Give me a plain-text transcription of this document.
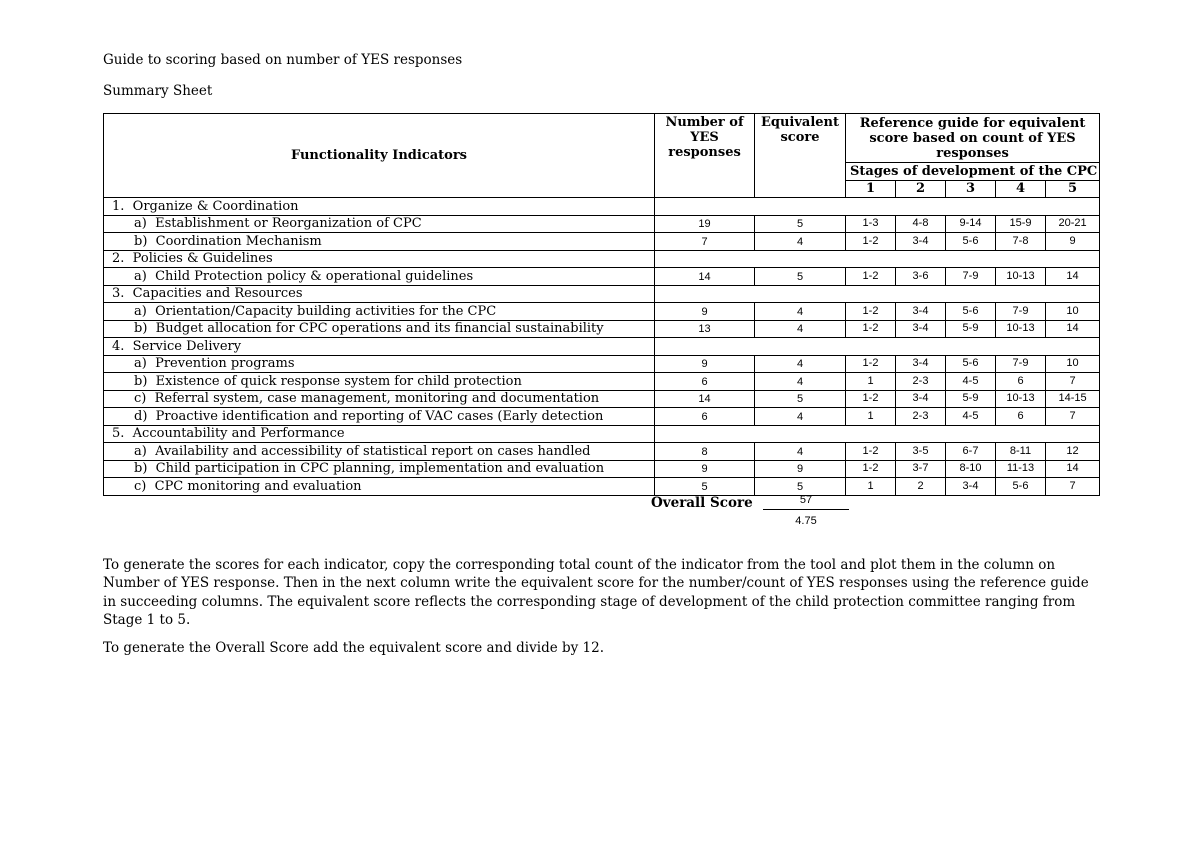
Guide to scoring based on number of YES responses
Summary Sheet
Functionality Indicators	Number of YES responses	Equivalent score	Reference guide for equivalent score based on count of YES responses				
			Stages of development of the CPC				
			1	2	3	4	5
1.  Organize & Coordination							
a)  Establishment or Reorganization of CPC	19	5	1-3	4-8	9-14	15-9	20-21
b)  Coordination Mechanism	7	4	1-2	3-4	5-6	7-8	9
2.  Policies & Guidelines							
a)  Child Protection policy & operational guidelines	14	5	1-2	3-6	7-9	10-13	14
3.  Capacities and Resources							
a)  Orientation/Capacity building activities for the CPC	9	4	1-2	3-4	5-6	7-9	10
b)  Budget allocation for CPC operations and its financial sustainability	13	4	1-2	3-4	5-9	10-13	14
4.  Service Delivery							
a)  Prevention programs	9	4	1-2	3-4	5-6	7-9	10
b)  Existence of quick response system for child protection	6	4	1	2-3	4-5	6	7
c)  Referral system, case management, monitoring and documentation	14	5	1-2	3-4	5-9	10-13	14-15
d)  Proactive identification and reporting of VAC cases (Early detection	6	4	1	2-3	4-5	6	7
5.  Accountability and Performance							
a)  Availability and accessibility of statistical report on cases handled	8	4	1-2	3-5	6-7	8-11	12
b)  Child participation in CPC planning, implementation and evaluation	9	9	1-2	3-7	8-10	11-13	14
c)  CPC monitoring and evaluation	5	5	1	2	3-4	5-6	7
Overall Score	57
4.75

To generate the scores for each indicator, copy the corresponding total count of the indicator from the tool and plot them in the column on Number of YES response. Then in the next column write the equivalent score for the number/count of YES responses using the reference guide in succeeding columns. The equivalent score reflects the corresponding stage of development of the child protection committee ranging from Stage 1 to 5.

To generate the Overall Score add the equivalent score and divide by 12.
